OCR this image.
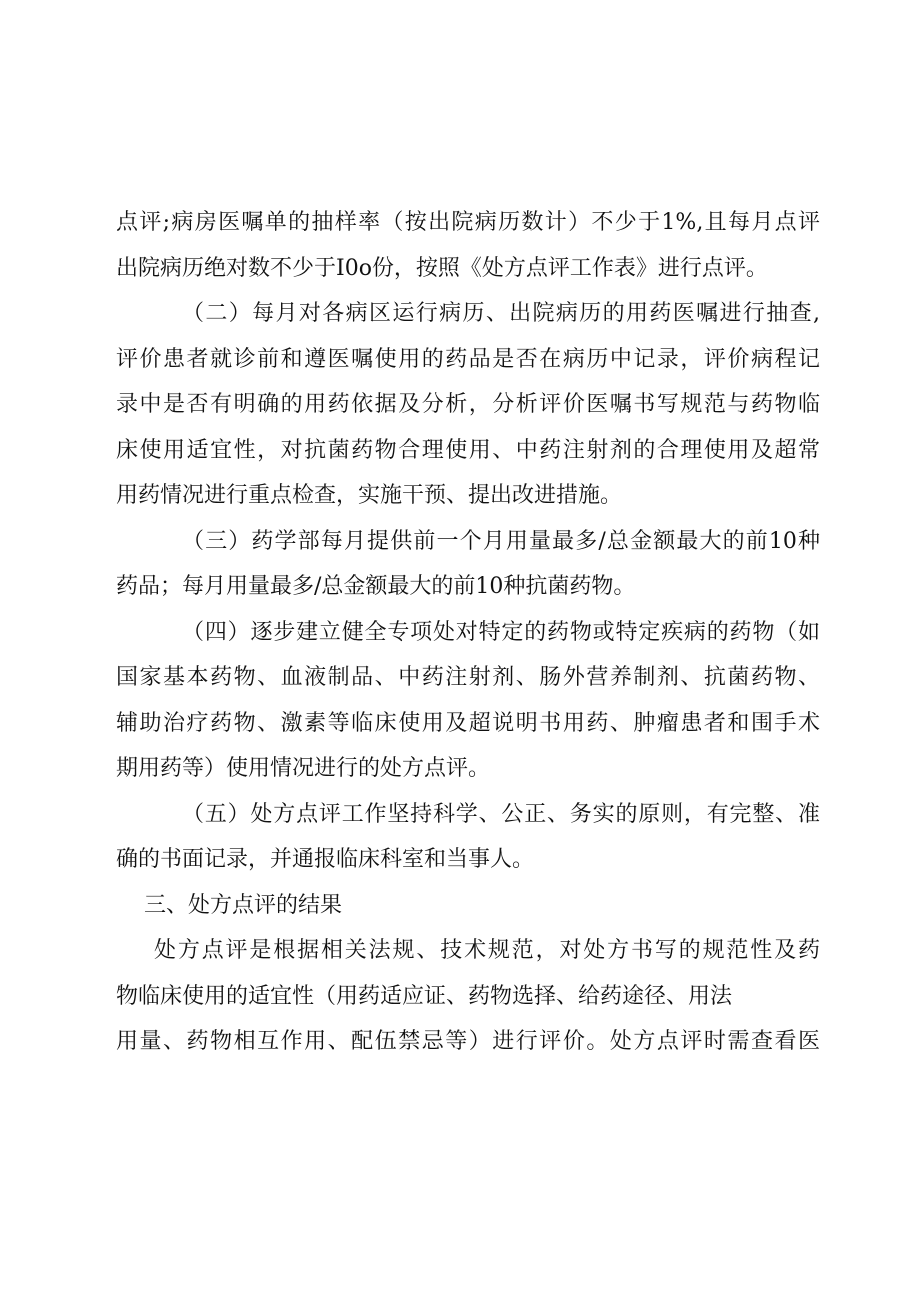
点评;病房医嘱单的抽样率（按出院病历数计）不少于1%,且每月点评
出院病历绝对数不少于I0o份，按照《处方点评工作表》进行点评。
（二）每月对各病区运行病历、出院病历的用药医嘱进行抽查,
评价患者就诊前和遵医嘱使用的药品是否在病历中记录，评价病程记
录中是否有明确的用药依据及分析，分析评价医嘱书写规范与药物临
床使用适宜性，对抗菌药物合理使用、中药注射剂的合理使用及超常
用药情况进行重点检查，实施干预、提出改进措施。
（三）药学部每月提供前一个月用量最多/总金额最大的前10种
药品；每月用量最多/总金额最大的前10种抗菌药物。
（四）逐步建立健全专项处对特定的药物或特定疾病的药物（如
国家基本药物、血液制品、中药注射剂、肠外营养制剂、抗菌药物、
辅助治疗药物、激素等临床使用及超说明书用药、肿瘤患者和围手术
期用药等）使用情况进行的处方点评。
（五）处方点评工作坚持科学、公正、务实的原则，有完整、准
确的书面记录，并通报临床科室和当事人。
三、处方点评的结果
处方点评是根据相关法规、技术规范，对处方书写的规范性及药
物临床使用的适宜性（用药适应证、药物选择、给药途径、用法
用量、药物相互作用、配伍禁忌等）进行评价。处方点评时需查看医
